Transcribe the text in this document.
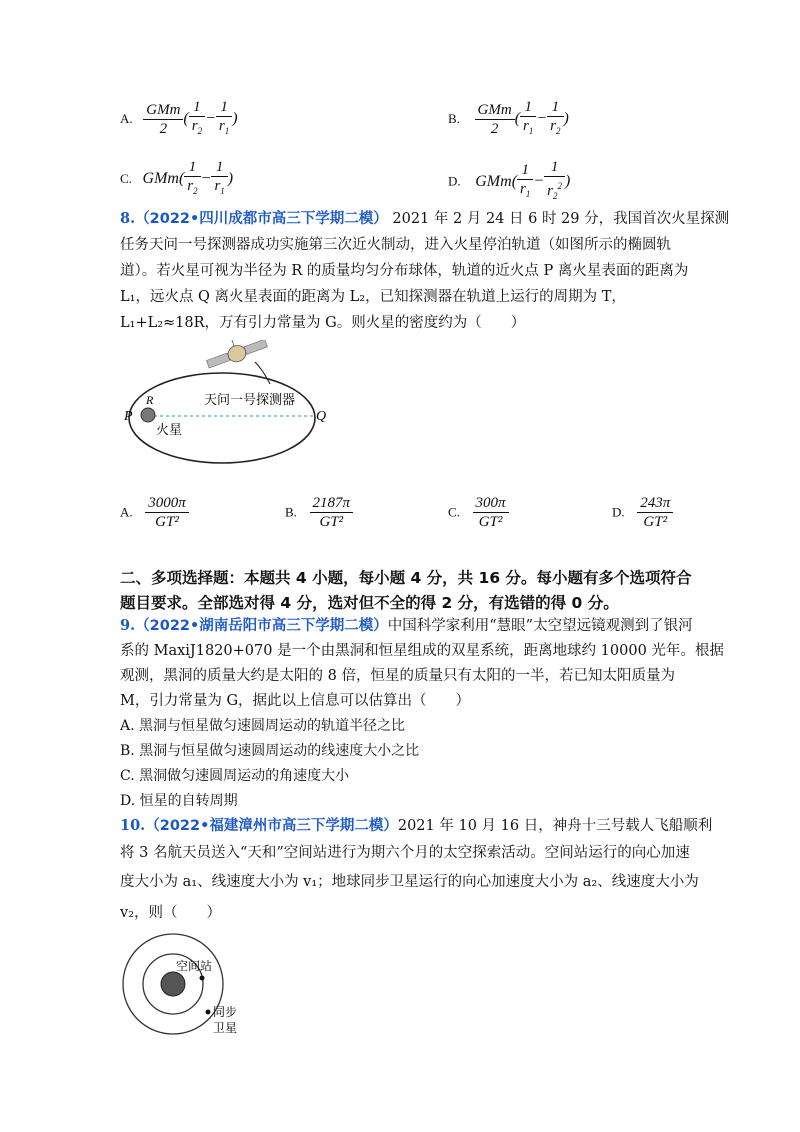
A. $\frac{\text{GMm}}{2}$ ( $\frac{1}{r_2} - \frac{1}{r_1}$ )	B. $\frac{\text{GMm}}{2}$ ( $\frac{1}{r_1} - \frac{1}{r_2}$ )
C. $GMm( \frac{1}{r_2} - \frac{1}{r_1}$ )	D. $GMm( \frac{1}{r_1} - \frac{1}{r_2^2}$ )
8.（2022•四川成都市高三下学期二模） 2021 年 2 月 24 日 6 时 29 分，我国首次火星探测
任务天问一号探测器成功实施第三次近火制动，进入火星停泊轨道（如图所示的椭圆轨
道）。若火星可视为半径为 R 的质量均匀分布球体，轨道的近火点 P 离火星表面的距离为
L₁，远火点 Q 离火星表面的距离为 L₂，已知探测器在轨道上运行的周期为 T，
L₁+L₂≈18R，万有引力常量为 G。则火星的密度约为（　　）
P
R
Q
天问一号探测器
火星
A. $\frac{3000\pi}{\text{GT²}}$	B. $\frac{2187\pi}{\text{GT²}}$	C. $\frac{300\pi}{\text{GT²}}$	D. $\frac{243\pi}{\text{GT²}}$
二、多项选择题：本题共 4 小题，每小题 4 分，共 16 分。每小题有多个选项符合
题目要求。全部选对得 4 分，选对但不全的得 2 分，有选错的得 0 分。
9.（2022•湖南岳阳市高三下学期二模）中国科学家利用“慧眼”太空望远镜观测到了银河
系的 MaxiJ1820+070 是一个由黑洞和恒星组成的双星系统，距离地球约 10000 光年。根据
观测，黑洞的质量大约是太阳的 8 倍，恒星的质量只有太阳的一半，若已知太阳质量为
M，引力常量为 G，据此以上信息可以估算出（　　）
A. 黑洞与恒星做匀速圆周运动的轨道半径之比
B. 黑洞与恒星做匀速圆周运动的线速度大小之比
C. 黑洞做匀速圆周运动的角速度大小
D. 恒星的自转周期
10.（2022•福建漳州市高三下学期二模）2021 年 10 月 16 日，神舟十三号载人飞船顺利
将 3 名航天员送入“天和”空间站进行为期六个月的太空探索活动。空间站运行的向心加速
度大小为 a₁、线速度大小为 v₁；地球同步卫星运行的向心加速度大小为 a₂、线速度大小为
v₂，则（　　）
空间站
同步
卫星
